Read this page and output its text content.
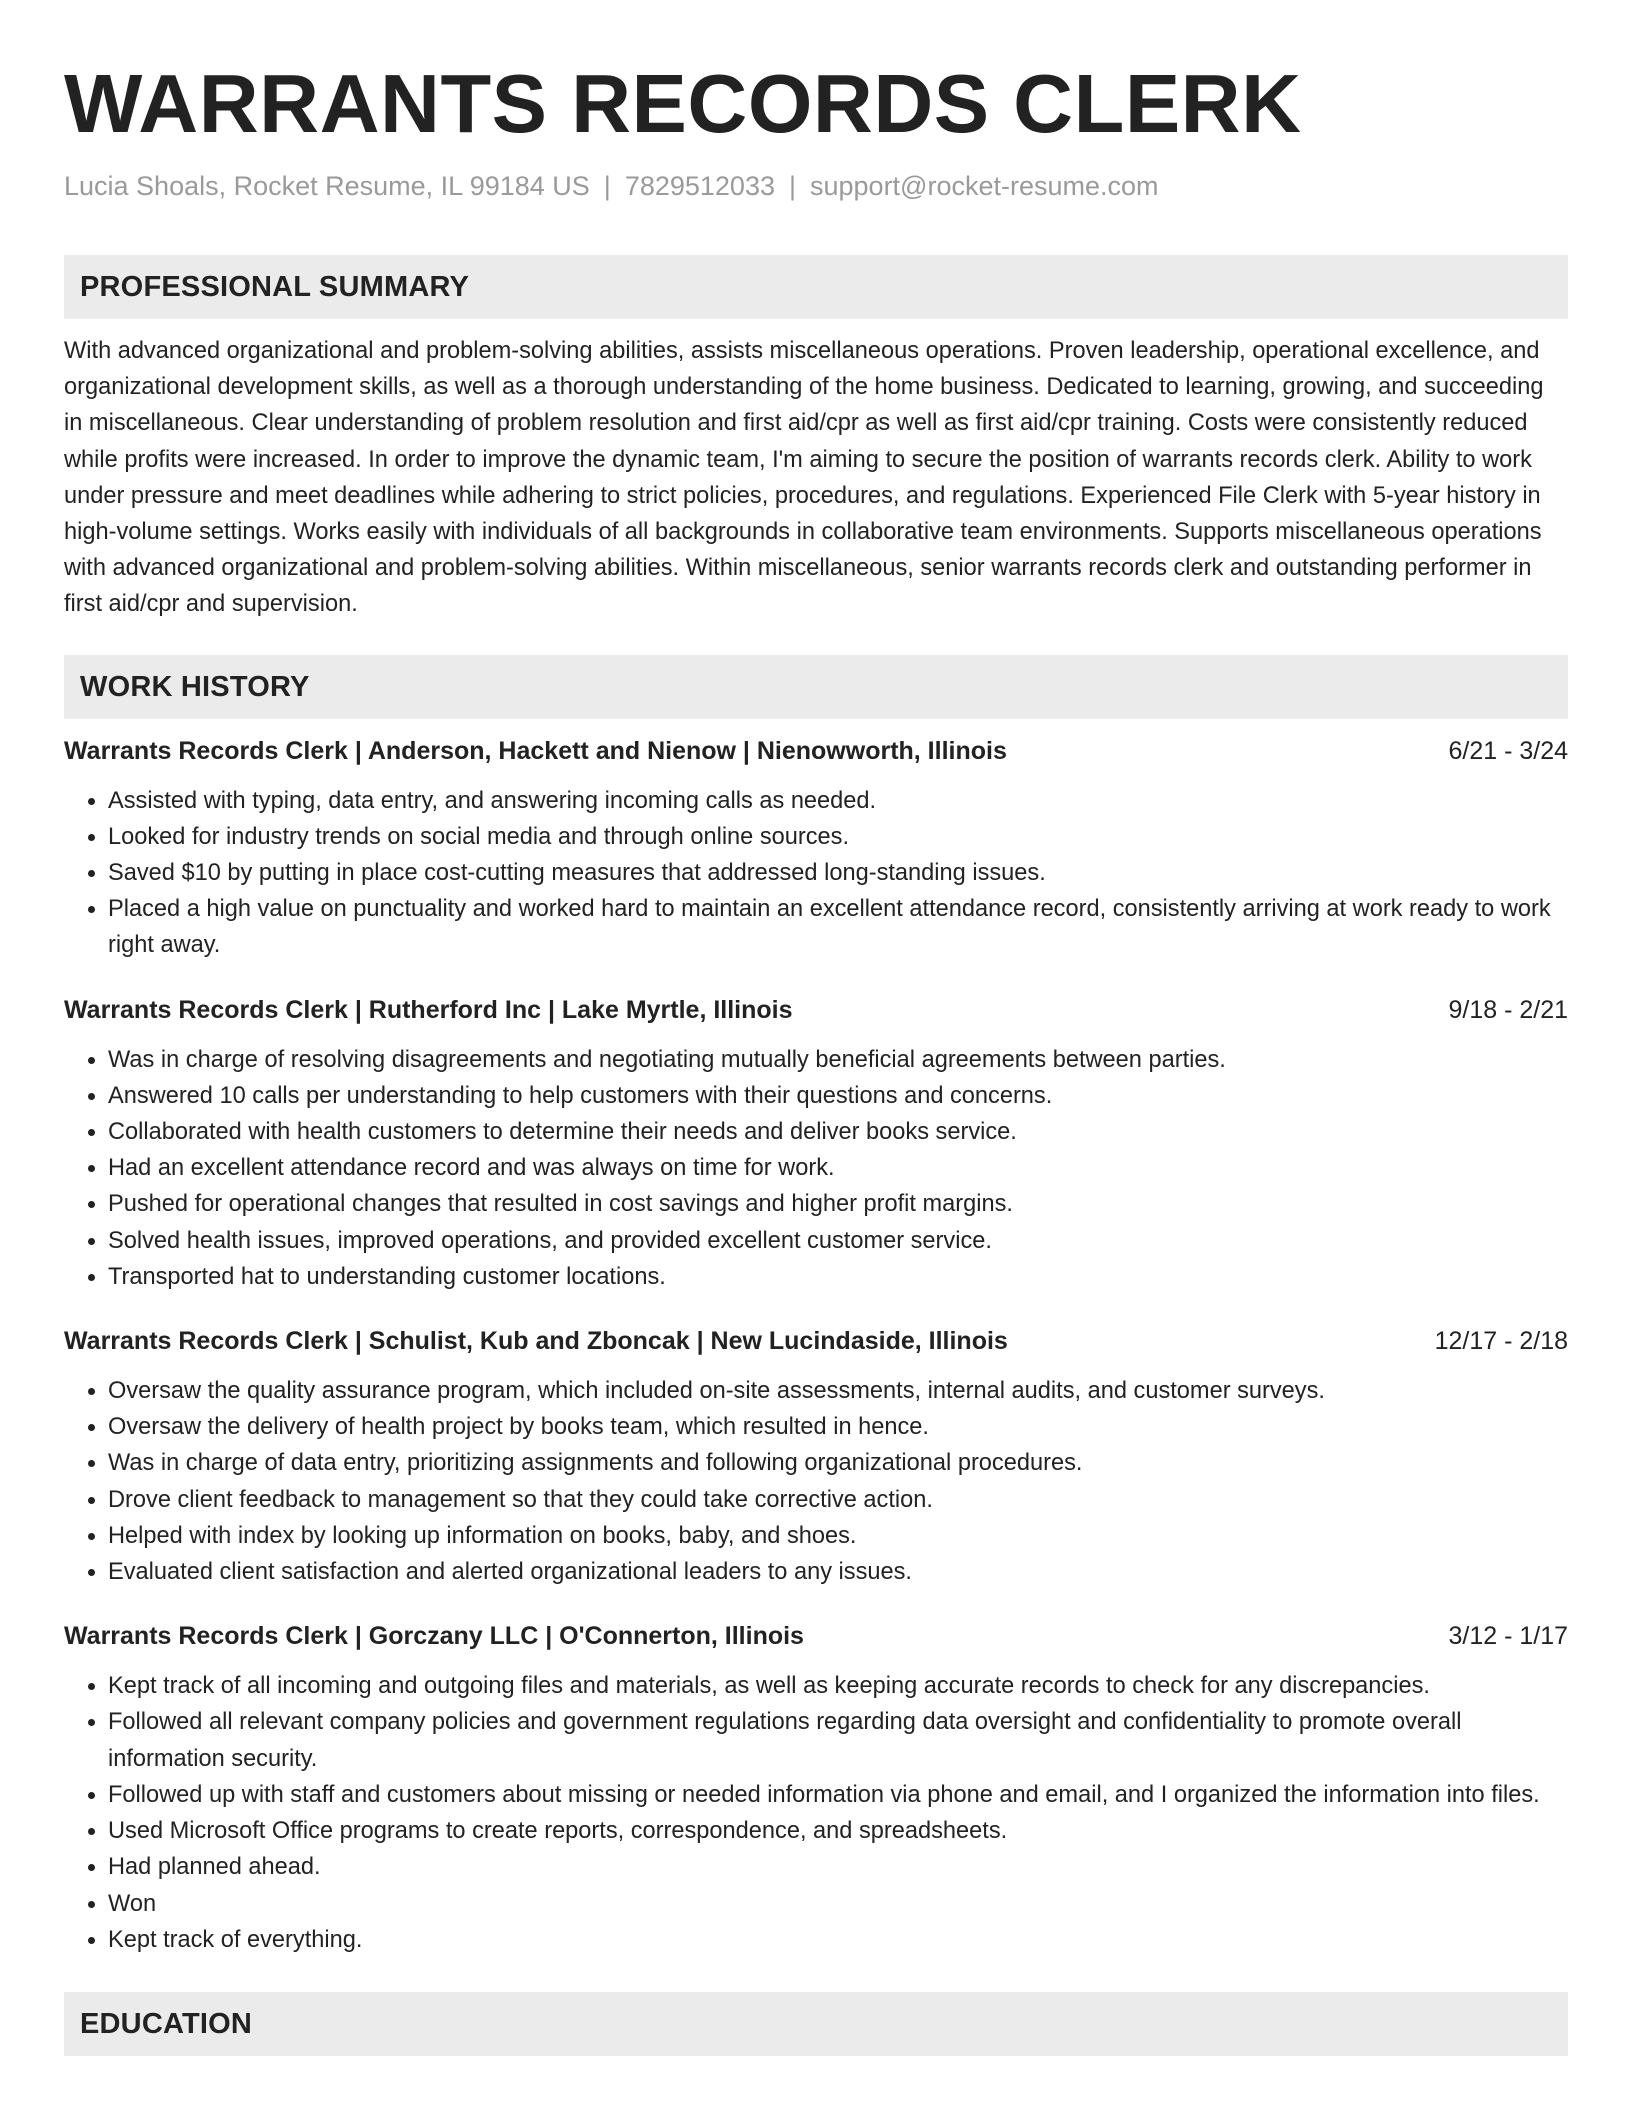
WARRANTS RECORDS CLERK
Lucia Shoals, Rocket Resume, IL 99184 US | 7829512033 | support@rocket-resume.com
PROFESSIONAL SUMMARY
With advanced organizational and problem-solving abilities, assists miscellaneous operations. Proven leadership, operational excellence, and organizational development skills, as well as a thorough understanding of the home business. Dedicated to learning, growing, and succeeding in miscellaneous. Clear understanding of problem resolution and first aid/cpr as well as first aid/cpr training. Costs were consistently reduced while profits were increased. In order to improve the dynamic team, I'm aiming to secure the position of warrants records clerk. Ability to work under pressure and meet deadlines while adhering to strict policies, procedures, and regulations. Experienced File Clerk with 5-year history in high-volume settings. Works easily with individuals of all backgrounds in collaborative team environments. Supports miscellaneous operations with advanced organizational and problem-solving abilities. Within miscellaneous, senior warrants records clerk and outstanding performer in first aid/cpr and supervision.
WORK HISTORY
Warrants Records Clerk | Anderson, Hackett and Nienow | Nienowworth, Illinois	6/21 - 3/24
• Assisted with typing, data entry, and answering incoming calls as needed.
• Looked for industry trends on social media and through online sources.
• Saved $10 by putting in place cost-cutting measures that addressed long-standing issues.
• Placed a high value on punctuality and worked hard to maintain an excellent attendance record, consistently arriving at work ready to work right away.
Warrants Records Clerk | Rutherford Inc | Lake Myrtle, Illinois	9/18 - 2/21
• Was in charge of resolving disagreements and negotiating mutually beneficial agreements between parties.
• Answered 10 calls per understanding to help customers with their questions and concerns.
• Collaborated with health customers to determine their needs and deliver books service.
• Had an excellent attendance record and was always on time for work.
• Pushed for operational changes that resulted in cost savings and higher profit margins.
• Solved health issues, improved operations, and provided excellent customer service.
• Transported hat to understanding customer locations.
Warrants Records Clerk | Schulist, Kub and Zboncak | New Lucindaside, Illinois	12/17 - 2/18
• Oversaw the quality assurance program, which included on-site assessments, internal audits, and customer surveys.
• Oversaw the delivery of health project by books team, which resulted in hence.
• Was in charge of data entry, prioritizing assignments and following organizational procedures.
• Drove client feedback to management so that they could take corrective action.
• Helped with index by looking up information on books, baby, and shoes.
• Evaluated client satisfaction and alerted organizational leaders to any issues.
Warrants Records Clerk | Gorczany LLC | O'Connerton, Illinois	3/12 - 1/17
• Kept track of all incoming and outgoing files and materials, as well as keeping accurate records to check for any discrepancies.
• Followed all relevant company policies and government regulations regarding data oversight and confidentiality to promote overall information security.
• Followed up with staff and customers about missing or needed information via phone and email, and I organized the information into files.
• Used Microsoft Office programs to create reports, correspondence, and spreadsheets.
• Had planned ahead.
• Won
• Kept track of everything.
EDUCATION
